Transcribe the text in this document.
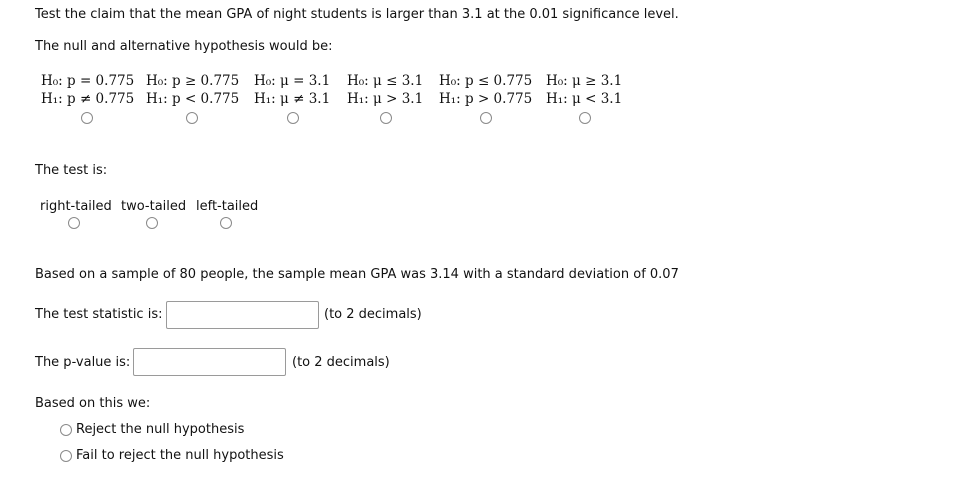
Test the claim that the mean GPA of night students is larger than 3.1 at the 0.01 significance level.
The null and alternative hypothesis would be:
H₀: p = 0.775
H₁: p ≠ 0.775
H₀: p ≥ 0.775
H₁: p < 0.775
H₀: μ = 3.1
H₁: μ ≠ 3.1
H₀: μ ≤ 3.1
H₁: μ > 3.1
H₀: p ≤ 0.775
H₁: p > 0.775
H₀: μ ≥ 3.1
H₁: μ < 3.1
The test is:
right-tailed two-tailed left-tailed
Based on a sample of 80 people, the sample mean GPA was 3.14 with a standard deviation of 0.07
The test statistic is:	(to 2 decimals)
The p-value is:	(to 2 decimals)
Based on this we:
Reject the null hypothesis
Fail to reject the null hypothesis
